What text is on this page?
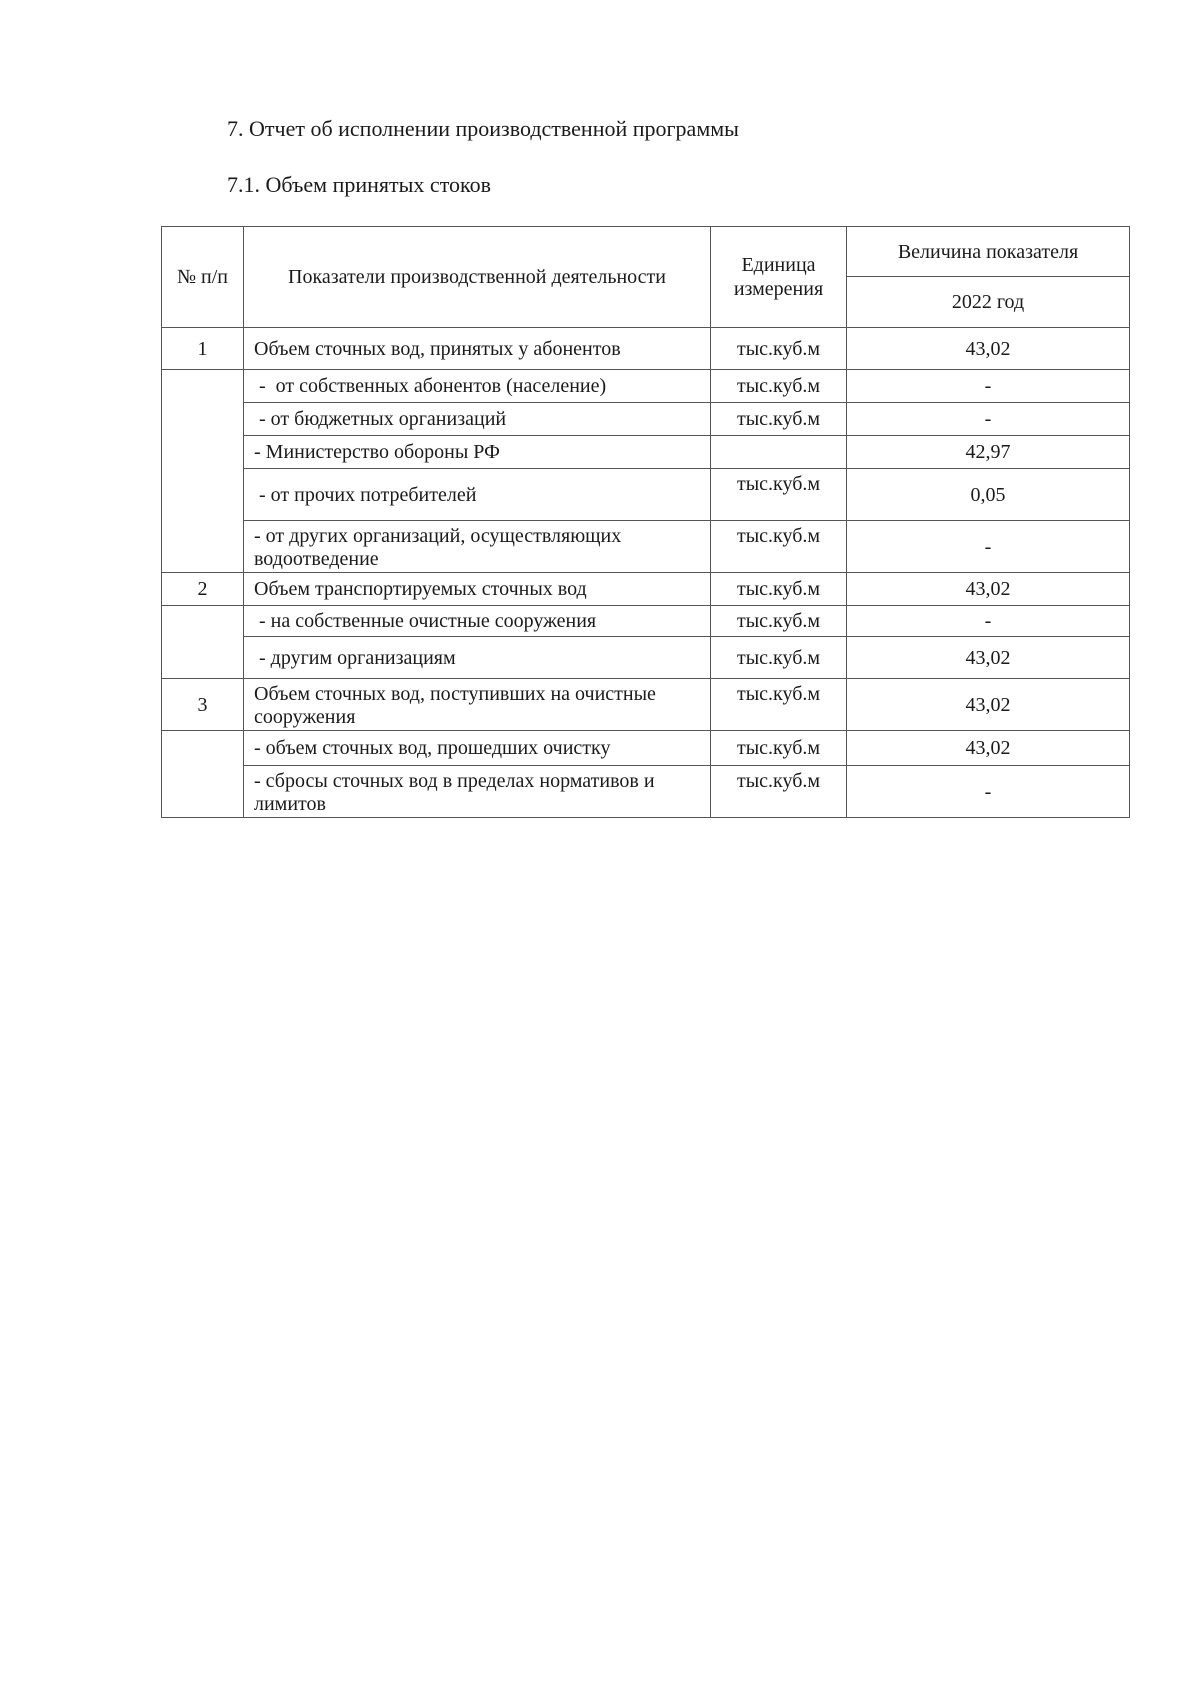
7. Отчет об исполнении производственной программы
7.1. Объем принятых стоков
№ п/п	Показатели производственной деятельности	Единица измерения	Величина показателя
			2022 год
1	Объем сточных вод, принятых у абонентов	тыс.куб.м	43,02
	-  от собственных абонентов (население)	тыс.куб.м	-
	- от бюджетных организаций	тыс.куб.м	-
	- Министерство обороны РФ		42,97
	- от прочих потребителей	тыс.куб.м	0,05
	- от других организаций, осуществляющих водоотведение	тыс.куб.м	-
2	Объем транспортируемых сточных вод	тыс.куб.м	43,02
	- на собственные очистные сооружения	тыс.куб.м	-
	- другим организациям	тыс.куб.м	43,02
3	Объем сточных вод, поступивших на очистные сооружения	тыс.куб.м	43,02
	- объем сточных вод, прошедших очистку	тыс.куб.м	43,02
	- сбросы сточных вод в пределах нормативов и лимитов	тыс.куб.м	-
